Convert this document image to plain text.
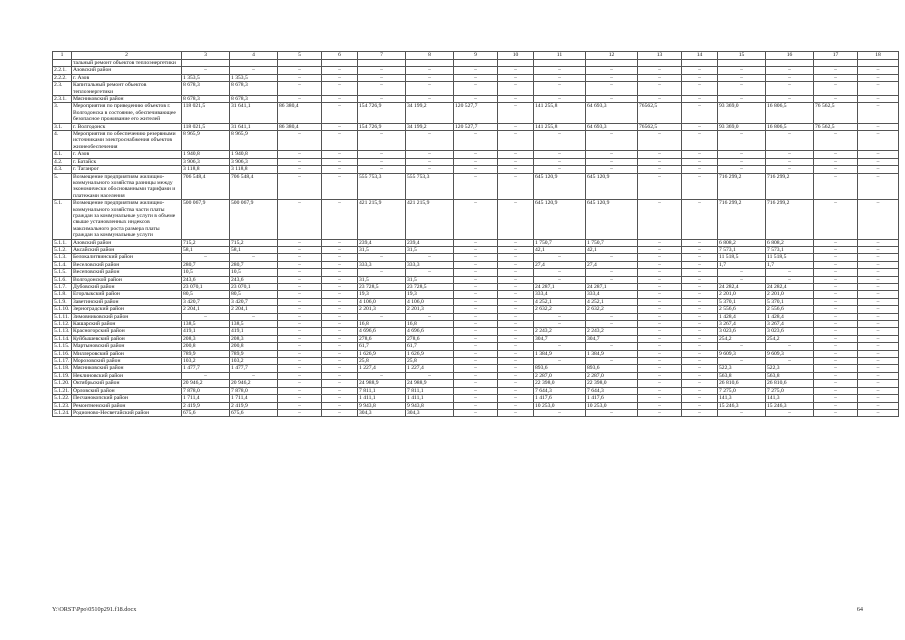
1	2	3	4	5	6	7	8	9	10	11	12	13	14	15	16	17	18
	тальный ремонт объектов теплоэнергетики																
2.2.1.	Азовский район	–	–	–	–	–	–	–	–	–	–	–	–	–	–	–	–
2.2.2.	г. Азов	1 353,5	1 353,5	–	–	–	–	–	–	–	–	–	–	–	–	–	–
2.3.	Капитальный ремонт объектов теплоэнергетики	8 678,3	8 678,3	–	–	–	–	–	–	–	–	–	–	–	–	–	–
2.3.1.	Мясниковский район	8 678,3	8 678,3	–	–	–	–	–	–	–	–	–	–	–	–	–	–
3.	Мероприятия по приведению объектов г. Волгодонска в состояние, обеспечивающее безопасное проживание его жителей	118 021,5	31 641,1	86 380,4	–	154 726,9	34 199,2	120 527,7	–	141 255,8	64 693,3	76562,5	–	93 369,0	16 806,5	76 562,5	–
3.1.	г. Волгодонск	118 021,5	31 641,1	86 380,4	–	154 726,9	34 199,2	120 527,7	–	141 255,8	64 693,3	76562,5	–	93 369,0	16 806,5	76 562,5	–
4.	Мероприятия по обеспечению резервными источниками электроснабжения объектов жизнеобеспечения	8 965,9	8 965,9	–	–	–	–	–	–	–	–	–	–	–	–	–	–
4.1.	г. Азов	1 940,8	1 940,8	–	–	–	–	–	–	–	–	–	–	–	–	–	–
4.2.	г. Батайск	3 906,3	3 906,3	–	–	–	–	–	–	–	–	–	–	–	–	–	–
4.3.	г. Таганрог	3 118,8	3 118,8	–	–	–	–	–	–	–	–	–	–	–	–	–	–
5.	Возмещение предприятиям жилищно-коммунального хозяйства разницы между экономически обоснованными тарифами и платежами населения	706 548,4	706 548,4	–	–	555 753,3	555 753,3	–	–	645 120,9	645 120,9	–	–	716 299,2	716 299,2	–	–
5.1.	Возмещение предприятиям жилищно-коммунального хозяйства части платы граждан за коммунальные услуги в объеме свыше установленных индексов максимального роста размера платы граждан за коммунальные услуги	500 067,9	500 067,9	–	–	421 215,9	421 215,9	–	–	645 120,9	645 120,9	–	–	716 299,2	716 299,2	–	–
5.1.1.	Азовский район	715,2	715,2	–	–	239,4	239,4	–	–	1 750,7	1 750,7	–	–	6 808,2	6 808,2	–	–
5.1.2.	Аксайский район	58,1	58,1	–	–	31,5	31,5	–	–	42,1	42,1	–	–	7 573,1	7 573,1	–	–
5.1.3.	Белокалитвинский район	–	–	–	–	–	–	–	–	–	–	–	–	11 518,5	11 518,5	–	–
5.1.4.	Веселовский район	280,7	280,7	–	–	333,3	333,3	–	–	27,4	27,4	–	–	1,7	1,7	–	–
5.1.5.	Весеповский район	10,5	10,5	–	–	–	–	–	–	–	–	–	–	–	–	–	–
5.1.6.	Волгодонской район	243,6	243,6	–	–	31,5	31,5	–	–	–	–	–	–	–	–	–	–
5.1.7.	Дубовский район	23 070,1	23 070,1	–	–	23 728,5	23 728,5	–	–	24 287,1	24 287,1	–	–	24 282,4	24 282,4	–	–
5.1.8.	Егорлыкский район	80,5	80,5	–	–	19,3	19,3	–	–	333,4	333,4	–	–	2 201,0	2 201,0	–	–
5.1.9.	Заветинский район	3 420,7	3 420,7	–	–	4 106,0	4 106,0	–	–	4 252,1	4 252,1	–	–	5 370,1	5 370,1	–	–
5.1.10.	Зерноградский район	2 204,1	2 204,1	–	–	2 201,3	2 201,3	–	–	2 632,2	2 632,2	–	–	2 556,6	2 556,6	–	–
5.1.11.	Зимовниковский район	–	–	–	–	–	–	–	–	–	–	–	–	1 428,4	1 428,4	–	–
5.1.12.	Кашарский район	138,5	138,5	–	–	16,8	16,8	–	–	–	–	–	–	3 267,4	3 267,4	–	–
5.1.13.	Красногорский район	419,1	419,1	–	–	4 696,6	4 696,6	–	–	2 243,2	2 243,2	–	–	3 023,6	3 023,6	–	–
5.1.14.	Куйбышевский район	208,3	208,3	–	–	278,6	278,6	–	–	304,7	304,7	–	–	254,2	254,2	–	–
5.1.15.	Мартыновский район	200,8	200,8	–	–	61,7	61,7	–	–	–	–	–	–	–	–	–	–
5.1.16.	Миллеровский район	789,9	789,9	–	–	1 626,9	1 626,9	–	–	1 384,9	1 384,9	–	–	9 609,3	9 609,3	–	–
5.1.17.	Морозовский район	103,2	103,2	–	–	25,8	25,8	–	–	–	–	–	–	–	–	–	–
5.1.18.	Мясниковский район	1 477,7	1 477,7	–	–	1 227,4	1 227,4	–	–	893,6	893,6	–	–	522,3	522,3	–	–
5.1.19.	Неклиновский район	–	–	–	–	–	–	–	–	2 287,0	2 287,0	–	–	563,8	563,8	–	–
5.1.20.	Октябрьский район	20 946,2	20 946,2	–	–	24 988,9	24 988,9	–	–	22 398,0	22 398,0	–	–	26 810,6	26 810,6	–	–
5.1.21.	Орловский район	7 878,0	7 878,0	–	–	7 811,1	7 811,1	–	–	7 644,3	7 644,3	–	–	7 275,0	7 275,0	–	–
5.1.22.	Песчанокопский район	1 711,4	1 711,4	–	–	1 411,1	1 411,1	–	–	1 417,6	1 417,6	–	–	141,3	141,3	–	–
5.1.23.	Ремонтненский район	2 419,9	2 419,9	–	–	9 943,8	9 943,8	–	–	10 253,0	10 253,0	–	–	15 246,3	15 246,3	–	–
5.1.24.	Родионово-Несветайский район	675,6	675,6	–	–	304,3	304,3	–	–	–	–	–	–	–	–	–	–
Y:\ORST\Ppo\0510p291.f18.docx	64
